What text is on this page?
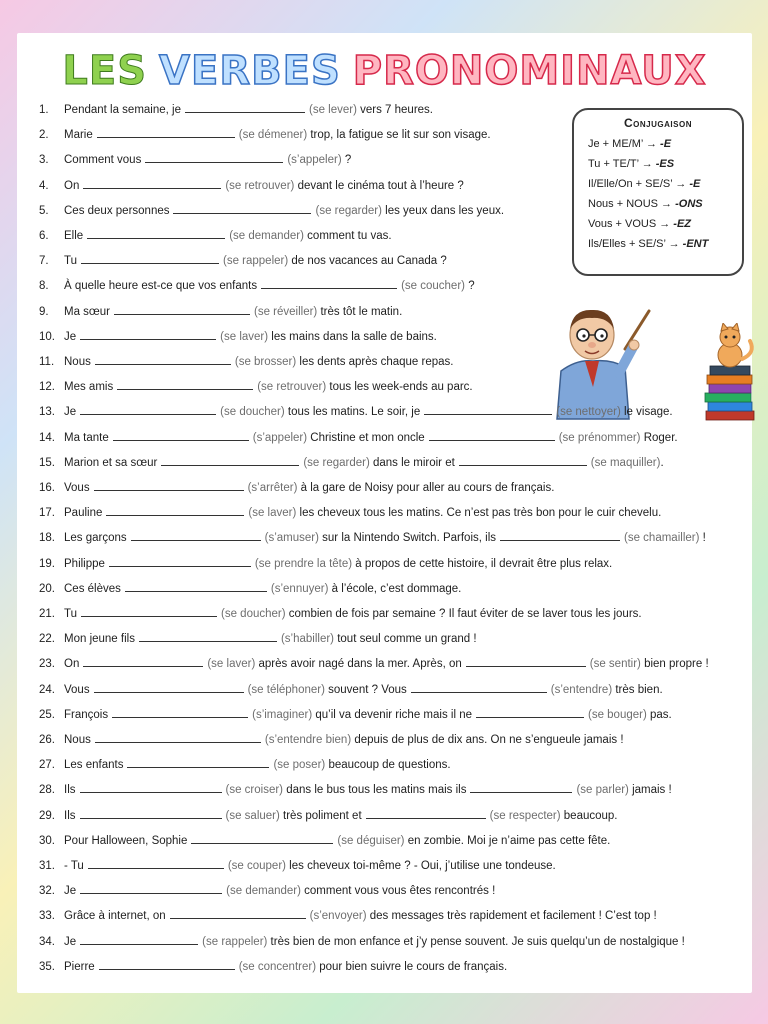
LES VERBES PRONOMINAUX
Conjugaison
Je + ME/M’ → -E
Tu + TE/T’ → -ES
Il/Elle/On + SE/S’ → -E
Nous + NOUS → -ONS
Vous + VOUS → -EZ
Ils/Elles + SE/S’ → -ENT
1. Pendant la semaine, je	(se lever) vers 7 heures.
2. Marie	(se démener) trop, la fatigue se lit sur son visage.
3. Comment vous	(s’appeler) ?
4. On	(se retrouver) devant le cinéma tout à l’heure ?
5. Ces deux personnes	(se regarder) les yeux dans les yeux.
6. Elle	(se demander) comment tu vas.
7. Tu	(se rappeler) de nos vacances au Canada ?
8. À quelle heure est-ce que vos enfants	(se coucher) ?
9. Ma sœur	(se réveiller) très tôt le matin.
10. Je	(se laver) les mains dans la salle de bains.
11. Nous	(se brosser) les dents après chaque repas.
12. Mes amis	(se retrouver) tous les week-ends au parc.
13. Je	(se doucher) tous les matins. Le soir, je	(se nettoyer) le visage.
14. Ma tante	(s’appeler) Christine et mon oncle	(se prénommer) Roger.
15. Marion et sa sœur	(se regarder) dans le miroir et	(se maquiller).
16. Vous	(s’arrêter) à la gare de Noisy pour aller au cours de français.
17. Pauline	(se laver) les cheveux tous les matins. Ce n’est pas très bon pour le cuir chevelu.
18. Les garçons	(s’amuser) sur la Nintendo Switch. Parfois, ils	(se chamailler) !
19. Philippe	(se prendre la tête) à propos de cette histoire, il devrait être plus relax.
20. Ces élèves	(s’ennuyer) à l’école, c’est dommage.
21. Tu	(se doucher) combien de fois par semaine ? Il faut éviter de se laver tous les jours.
22. Mon jeune fils	(s’habiller) tout seul comme un grand !
23. On	(se laver) après avoir nagé dans la mer. Après, on	(se sentir) bien propre !
24. Vous	(se téléphoner) souvent ? Vous	(s’entendre) très bien.
25. François	(s’imaginer) qu’il va devenir riche mais il ne	(se bouger) pas.
26. Nous	(s’entendre bien) depuis de plus de dix ans. On ne s’engueule jamais !
27. Les enfants	(se poser) beaucoup de questions.
28. Ils	(se croiser) dans le bus tous les matins mais ils	(se parler) jamais !
29. Ils	(se saluer) très poliment et	(se respecter) beaucoup.
30. Pour Halloween, Sophie	(se déguiser) en zombie. Moi je n’aime pas cette fête.
31. - Tu	(se couper) les cheveux toi-même ? - Oui, j’utilise une tondeuse.
32. Je	(se demander) comment vous vous êtes rencontrés !
33. Grâce à internet, on	(s’envoyer) des messages très rapidement et facilement ! C’est top !
34. Je	(se rappeler) très bien de mon enfance et j’y pense souvent. Je suis quelqu’un de nostalgique !
35. Pierre	(se concentrer) pour bien suivre le cours de français.
